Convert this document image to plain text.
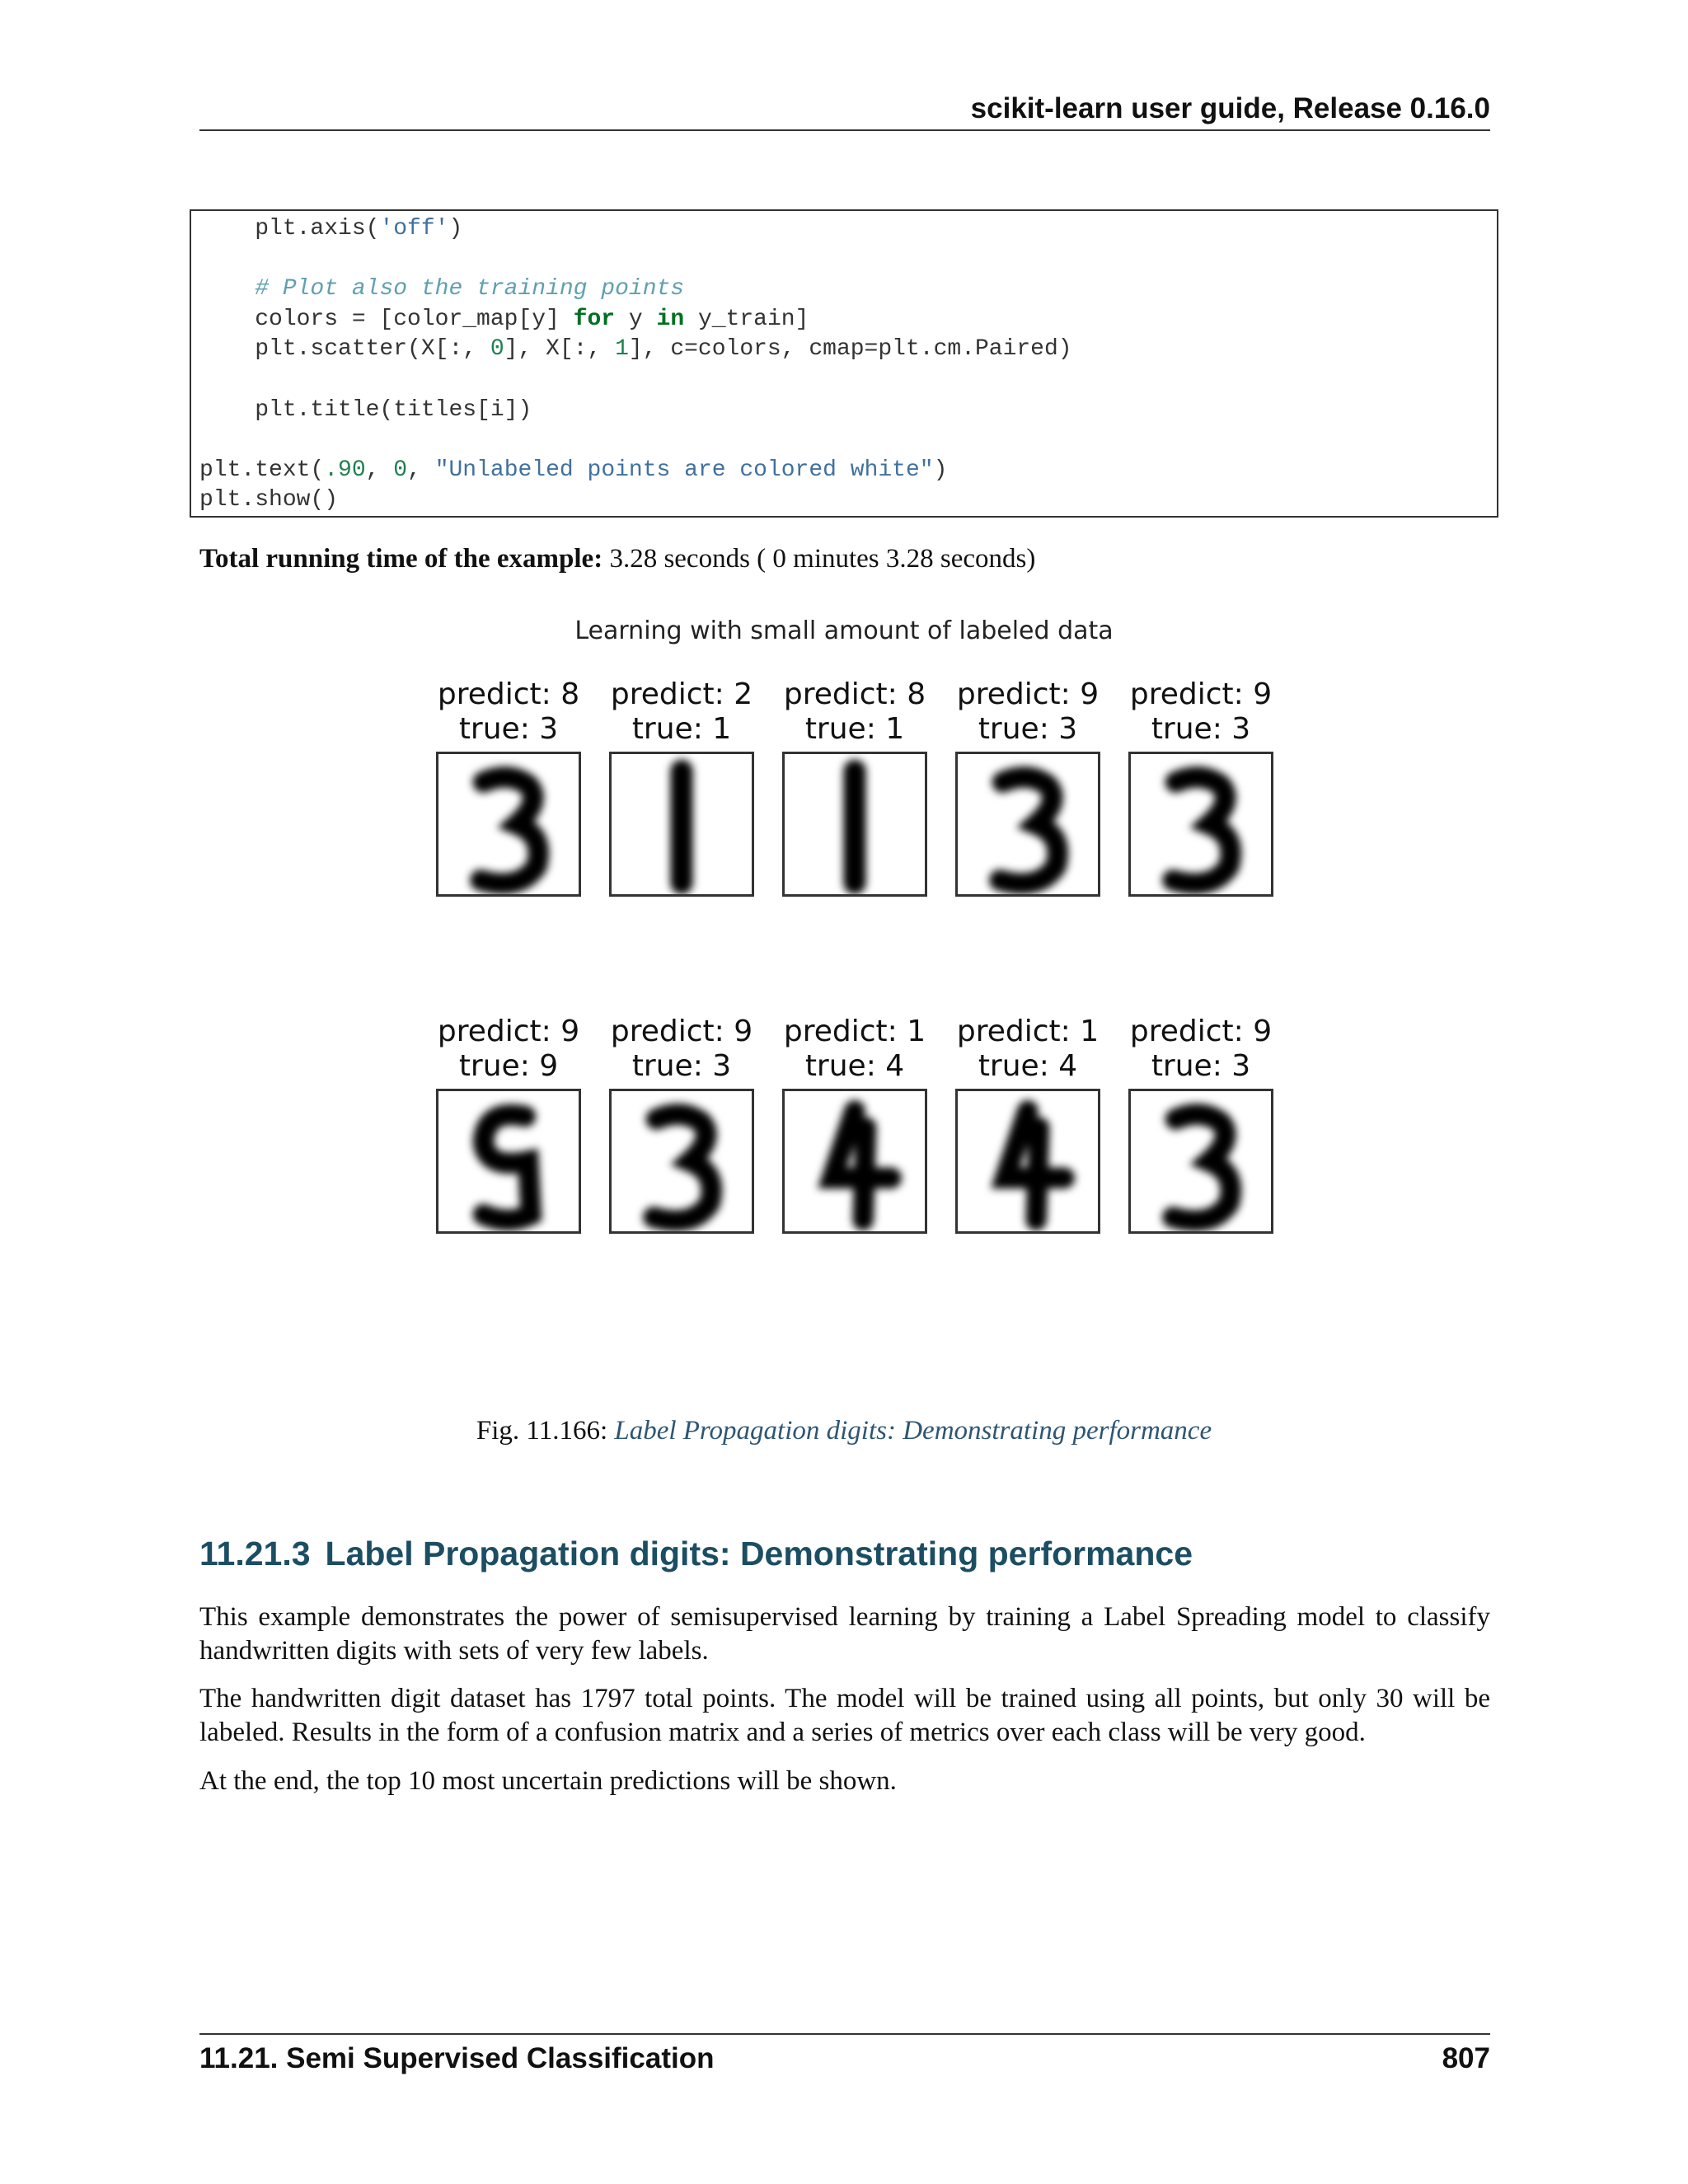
scikit-learn user guide, Release 0.16.0
plt.axis('off')
# Plot also the training points
colors = [color_map[y] for y in y_train]
plt.scatter(X[:, 0], X[:, 1], c=colors, cmap=plt.cm.Paired)
plt.title(titles[i])
plt.text(.90, 0, "Unlabeled points are colored white")
plt.show()
Total running time of the example: 3.28 seconds ( 0 minutes 3.28 seconds)
Learning with small amount of labeled data
predict: 8
true: 3
predict: 2
true: 1
predict: 8
true: 1
predict: 9
true: 3
predict: 9
true: 3
predict: 9
true: 9
predict: 9
true: 3
predict: 1
true: 4
predict: 1
true: 4
predict: 9
true: 3
Fig. 11.166: Label Propagation digits: Demonstrating performance
11.21.3 Label Propagation digits: Demonstrating performance
This example demonstrates the power of semisupervised learning by training a Label Spreading model to classify handwritten digits with sets of very few labels.
The handwritten digit dataset has 1797 total points. The model will be trained using all points, but only 30 will be labeled. Results in the form of a confusion matrix and a series of metrics over each class will be very good.
At the end, the top 10 most uncertain predictions will be shown.
11.21. Semi Supervised Classification	807
